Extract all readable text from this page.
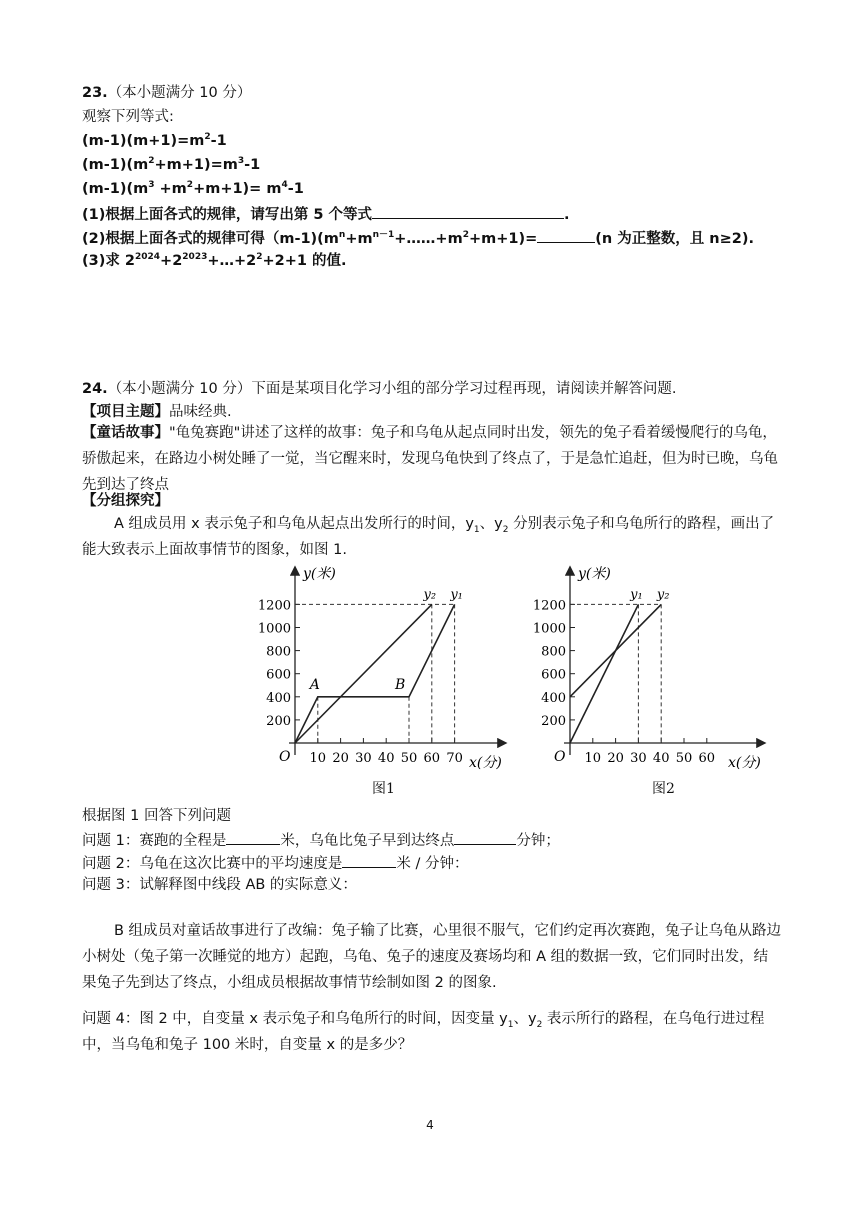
23.（本小题满分 10 分）
观察下列等式:
$(m-1)(m+1)=m^2-1$
$(m-1)(m^2+m+1)=m^3-1$
$(m-1)(m^3 +m^2+m+1)= m^4-1$
(1)根据上面各式的规律，请写出第 5 个等式	.
(2)根据上面各式的规律可得$(m-1)(m^n+m^{n-1}+\dots\dots+m^2+m+1)=$	(n 为正整数，且 n≥2).
(3)求 $2^{2024}+2^{2023}+\dots+2^2+2+1$ 的值.
24.（本小题满分 10 分）下面是某项目化学习小组的部分学习过程再现，请阅读并解答问题.
【项目主题】品味经典.
【童话故事】"龟兔赛跑"讲述了这样的故事：兔子和乌龟从起点同时出发，领先的兔子看着缓慢爬行的乌龟，骄傲起来，在路边小树处睡了一觉，当它醒来时，发现乌龟快到了终点了，于是急忙追赶，但为时已晚，乌龟先到达了终点
【分组探究】
A 组成员用 x 表示兔子和乌龟从起点出发所行的时间，$y_1$、$y_2$ 分别表示兔子和乌龟所行的路程，画出了能大致表示上面故事情节的图象，如图 1.
y(米)
x(分)
O
200
400
600
800
1000
1200
10 20 30 40 50 60 70
y₁
y₂
A	B
图1
y(米)
x(分)
O
200
400
600
800
1000
1200
10 20 30 40 50 60
y₁ y₂
图2
根据图 1 回答下列问题
问题 1：赛跑的全程是	米，乌龟比兔子早到达终点	分钟；
问题 2：乌龟在这次比赛中的平均速度是	米 / 分钟：
问题 3：试解释图中线段 AB 的实际意义：
B 组成员对童话故事进行了改编：兔子输了比赛，心里很不服气，它们约定再次赛跑，兔子让乌龟从路边小树处（兔子第一次睡觉的地方）起跑，乌龟、兔子的速度及赛场均和 A 组的数据一致，它们同时出发，结果兔子先到达了终点，小组成员根据故事情节绘制如图 2 的图象.
问题 4：图 2 中，自变量 x 表示兔子和乌龟所行的时间，因变量 $y_1$、$y_2$ 表示所行的路程，在乌龟行进过程中，当乌龟和兔子 100 米时，自变量 x 的是多少？
4
